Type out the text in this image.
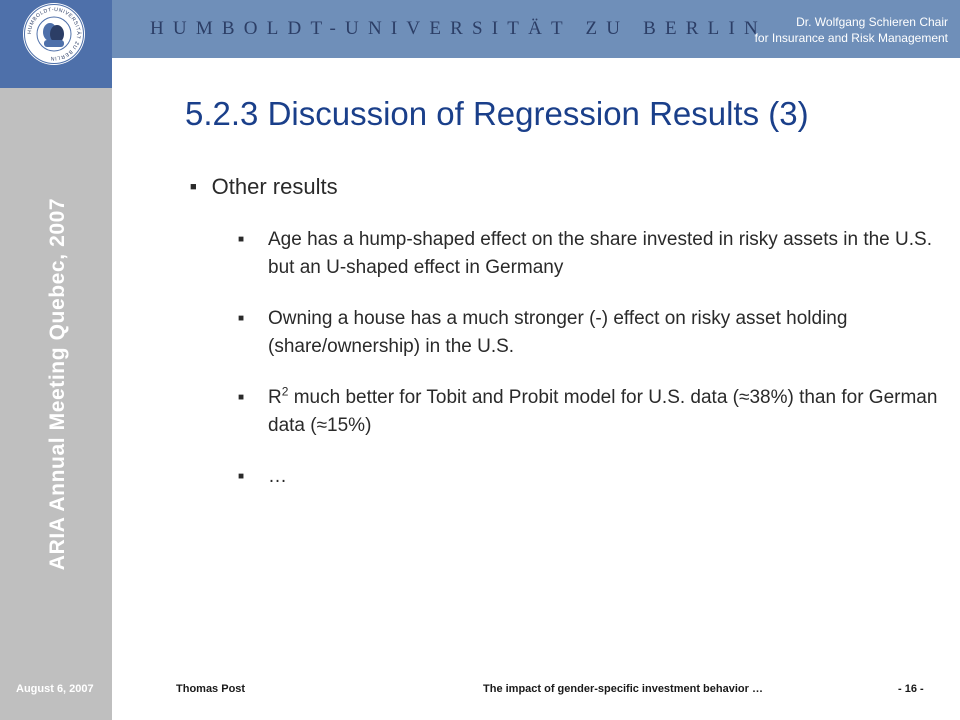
HUMBOLDT-UNIVERSITÄT ZU BERLIN	Dr. Wolfgang Schieren Chair
for Insurance and Risk Management
HUMBOLDT-UNIVERSITÄT ZU BERLIN
ARIA Annual Meeting Quebec, 2007
5.2.3 Discussion of Regression Results (3)
■ Other results
■ Age has a hump-shaped effect on the share invested in risky assets in the U.S. but an U-shaped effect in Germany
■ Owning a house has a much stronger (-) effect on risky asset holding (share/ownership) in the U.S.
■ $R^2$ much better for Tobit and Probit model for U.S. data (≈38%) than for German data (≈15%)
■ …
August 6, 2007	Thomas Post	The impact of gender-specific investment behavior …	- 16 -
